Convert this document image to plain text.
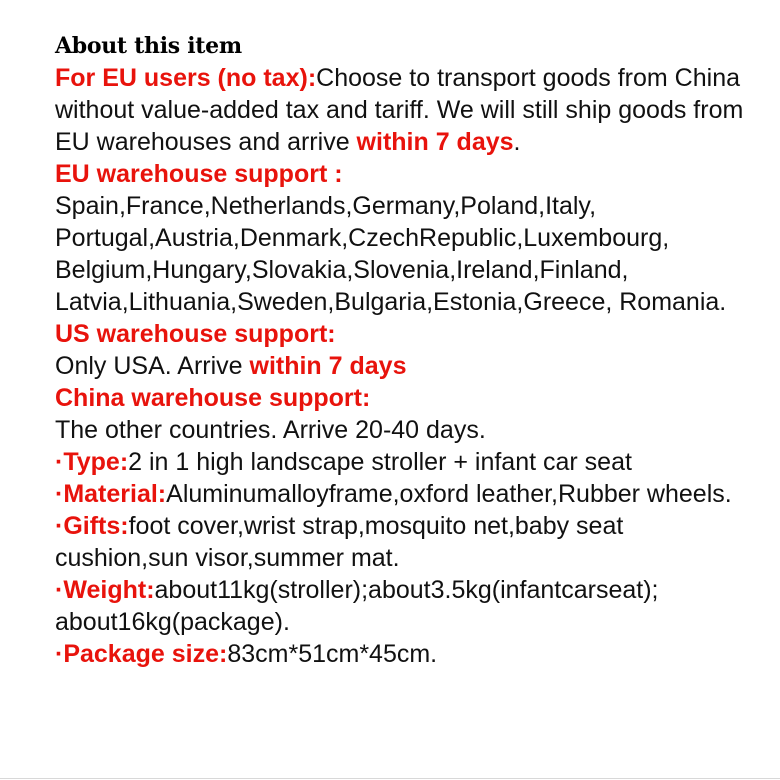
About this item

For EU users (no tax):Choose to transport goods from China without value-added tax and tariff. We will still ship goods from EU warehouses and arrive within 7 days.

EU warehouse support :
Spain,France,Netherlands,Germany,Poland,Italy, Portugal,Austria,Denmark,CzechRepublic,Luxembourg, Belgium,Hungary,Slovakia,Slovenia,Ireland,Finland, Latvia,Lithuania,Sweden,Bulgaria,Estonia,Greece, Romania.

US warehouse support:
Only USA. Arrive within 7 days

China warehouse support:
The other countries. Arrive 20-40 days.

·Type:2 in 1 high landscape stroller + infant car seat

·Material:Aluminumalloyframe,oxford leather,Rubber wheels.

·Gifts:foot cover,wrist strap,mosquito net,baby seat cushion,sun visor,summer mat.

·Weight:about11kg(stroller);about3.5kg(infantcarseat); about16kg(package).

·Package size:83cm*51cm*45cm.
